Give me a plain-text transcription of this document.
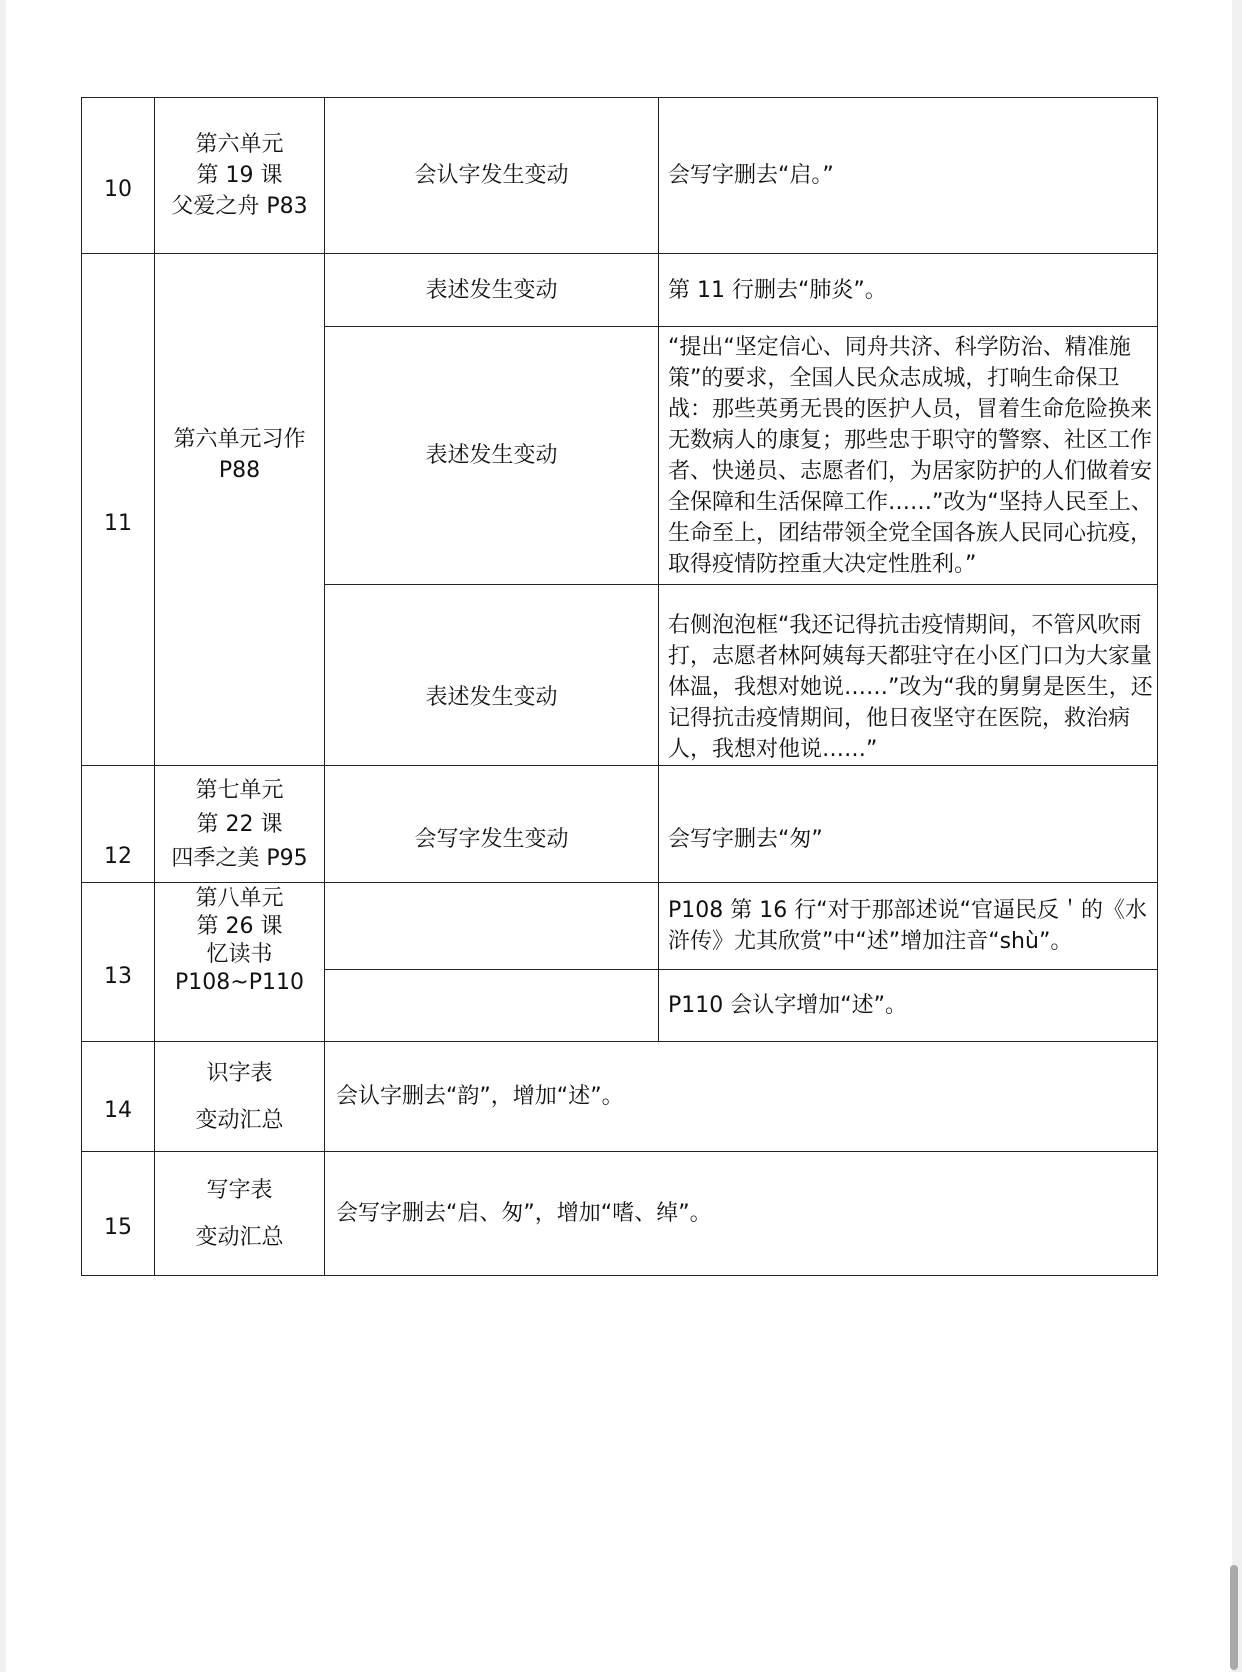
10	第六单元
第 19 课
父爱之舟 P83	会认字发生变动	会写字删去“启。”
11	第六单元习作
P88	表述发生变动	第 11 行删去“肺炎”。
		表述发生变动	“提出“坚定信心、同舟共济、科学防治、精准施策”的要求，全国人民众志成城，打响生命保卫战：那些英勇无畏的医护人员，冒着生命危险换来无数病人的康复；那些忠于职守的警察、社区工作者、快递员、志愿者们，为居家防护的人们做着安全保障和生活保障工作……”改为“坚持人民至上、生命至上，团结带领全党全国各族人民同心抗疫，取得疫情防控重大决定性胜利。”
		表述发生变动	右侧泡泡框“我还记得抗击疫情期间，不管风吹雨打，志愿者林阿姨每天都驻守在小区门口为大家量体温，我想对她说……”改为“我的舅舅是医生，还记得抗击疫情期间，他日夜坚守在医院，救治病人，我想对他说……”
12	第七单元
第 22 课
四季之美 P95	会写字发生变动	会写字删去“匆”
13	第八单元
第 26 课
忆读书
P108~P110		P108 第 16 行“对于那部述说“官逼民反＇的《水浒传》尤其欣赏”中“述”增加注音“shù”。
			P110 会认字增加“述”。
14	识字表
变动汇总	会认字删去“韵”，增加“述”。	
15	写字表
变动汇总	会写字删去“启、匆”，增加“嗜、绰”。	
